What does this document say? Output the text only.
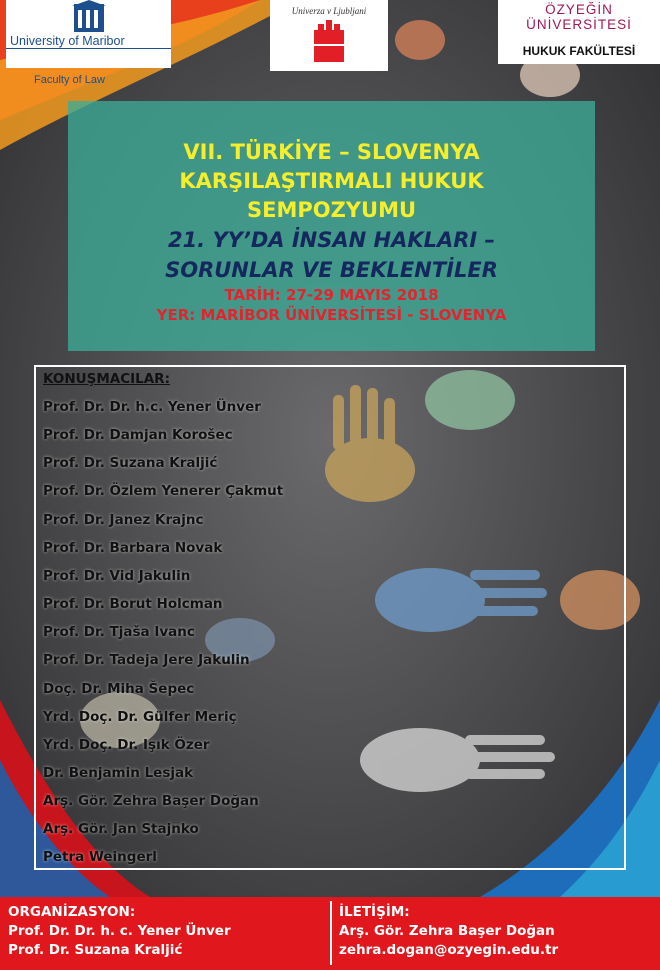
University of Maribor
Faculty of Law
Univerza v Ljubljani	ÖZYEĞİN ÜNİVERSİTESİ
HUKUK FAKÜLTESİ
VII. TÜRKİYE – SLOVENYA
KARŞILAŞTIRMALI HUKUK
SEMPOZYUMU
21. YY’DA İNSAN HAKLARI –
SORUNLAR VE BEKLENTİLER
TARİH: 27-29 MAYIS 2018
YER: MARİBOR ÜNİVERSİTESİ - SLOVENYA
KONUŞMACILAR:
Prof. Dr. Dr. h.c. Yener Ünver
Prof. Dr. Damjan Korošec
Prof. Dr. Suzana Kraljić
Prof. Dr. Özlem Yenerer Çakmut
Prof. Dr. Janez Krajnc
Prof. Dr. Barbara Novak
Prof. Dr. Vid Jakulin
Prof. Dr. Borut Holcman
Prof. Dr. Tjaša Ivanc
Prof. Dr. Tadeja Jere Jakulin
Doç. Dr. Miha Šepec
Yrd. Doç. Dr. Gülfer Meriç
Yrd. Doç. Dr. Işık Özer
Dr. Benjamin Lesjak
Arş. Gör. Zehra Başer Doğan
Arş. Gör. Jan Stajnko
Petra Weingerl
ORGANİZASYON:
Prof. Dr. Dr. h. c. Yener Ünver
Prof. Dr. Suzana Kraljić
İLETİŞİM:
Arş. Gör. Zehra Başer Doğan
zehra.dogan@ozyegin.edu.tr
